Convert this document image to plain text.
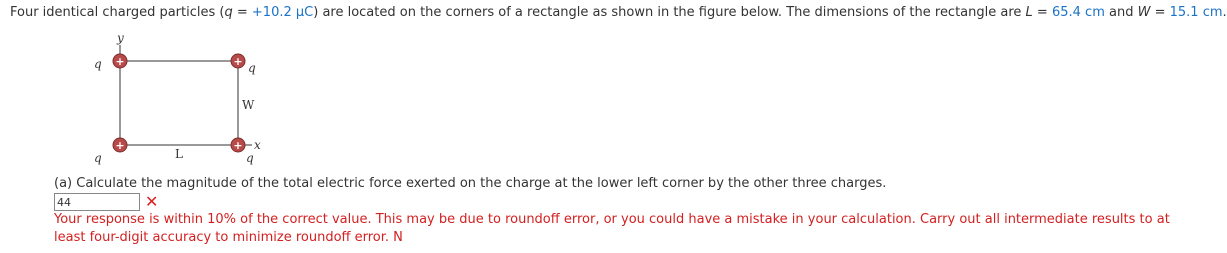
Four identical charged particles (q = +10.2 μC) are located on the corners of a rectangle as shown in the figure below. The dimensions of the rectangle are L = 65.4 cm and W = 15.1 cm.
y
x
+
q	+ q
+
q
+
q
L
W
(a) Calculate the magnitude of the total electric force exerted on the charge at the lower left corner by the other three charges.
44
✕
Your response is within 10% of the correct value. This may be due to roundoff error, or you could have a mistake in your calculation. Carry out all intermediate results to at least four-digit accuracy to minimize roundoff error. N
